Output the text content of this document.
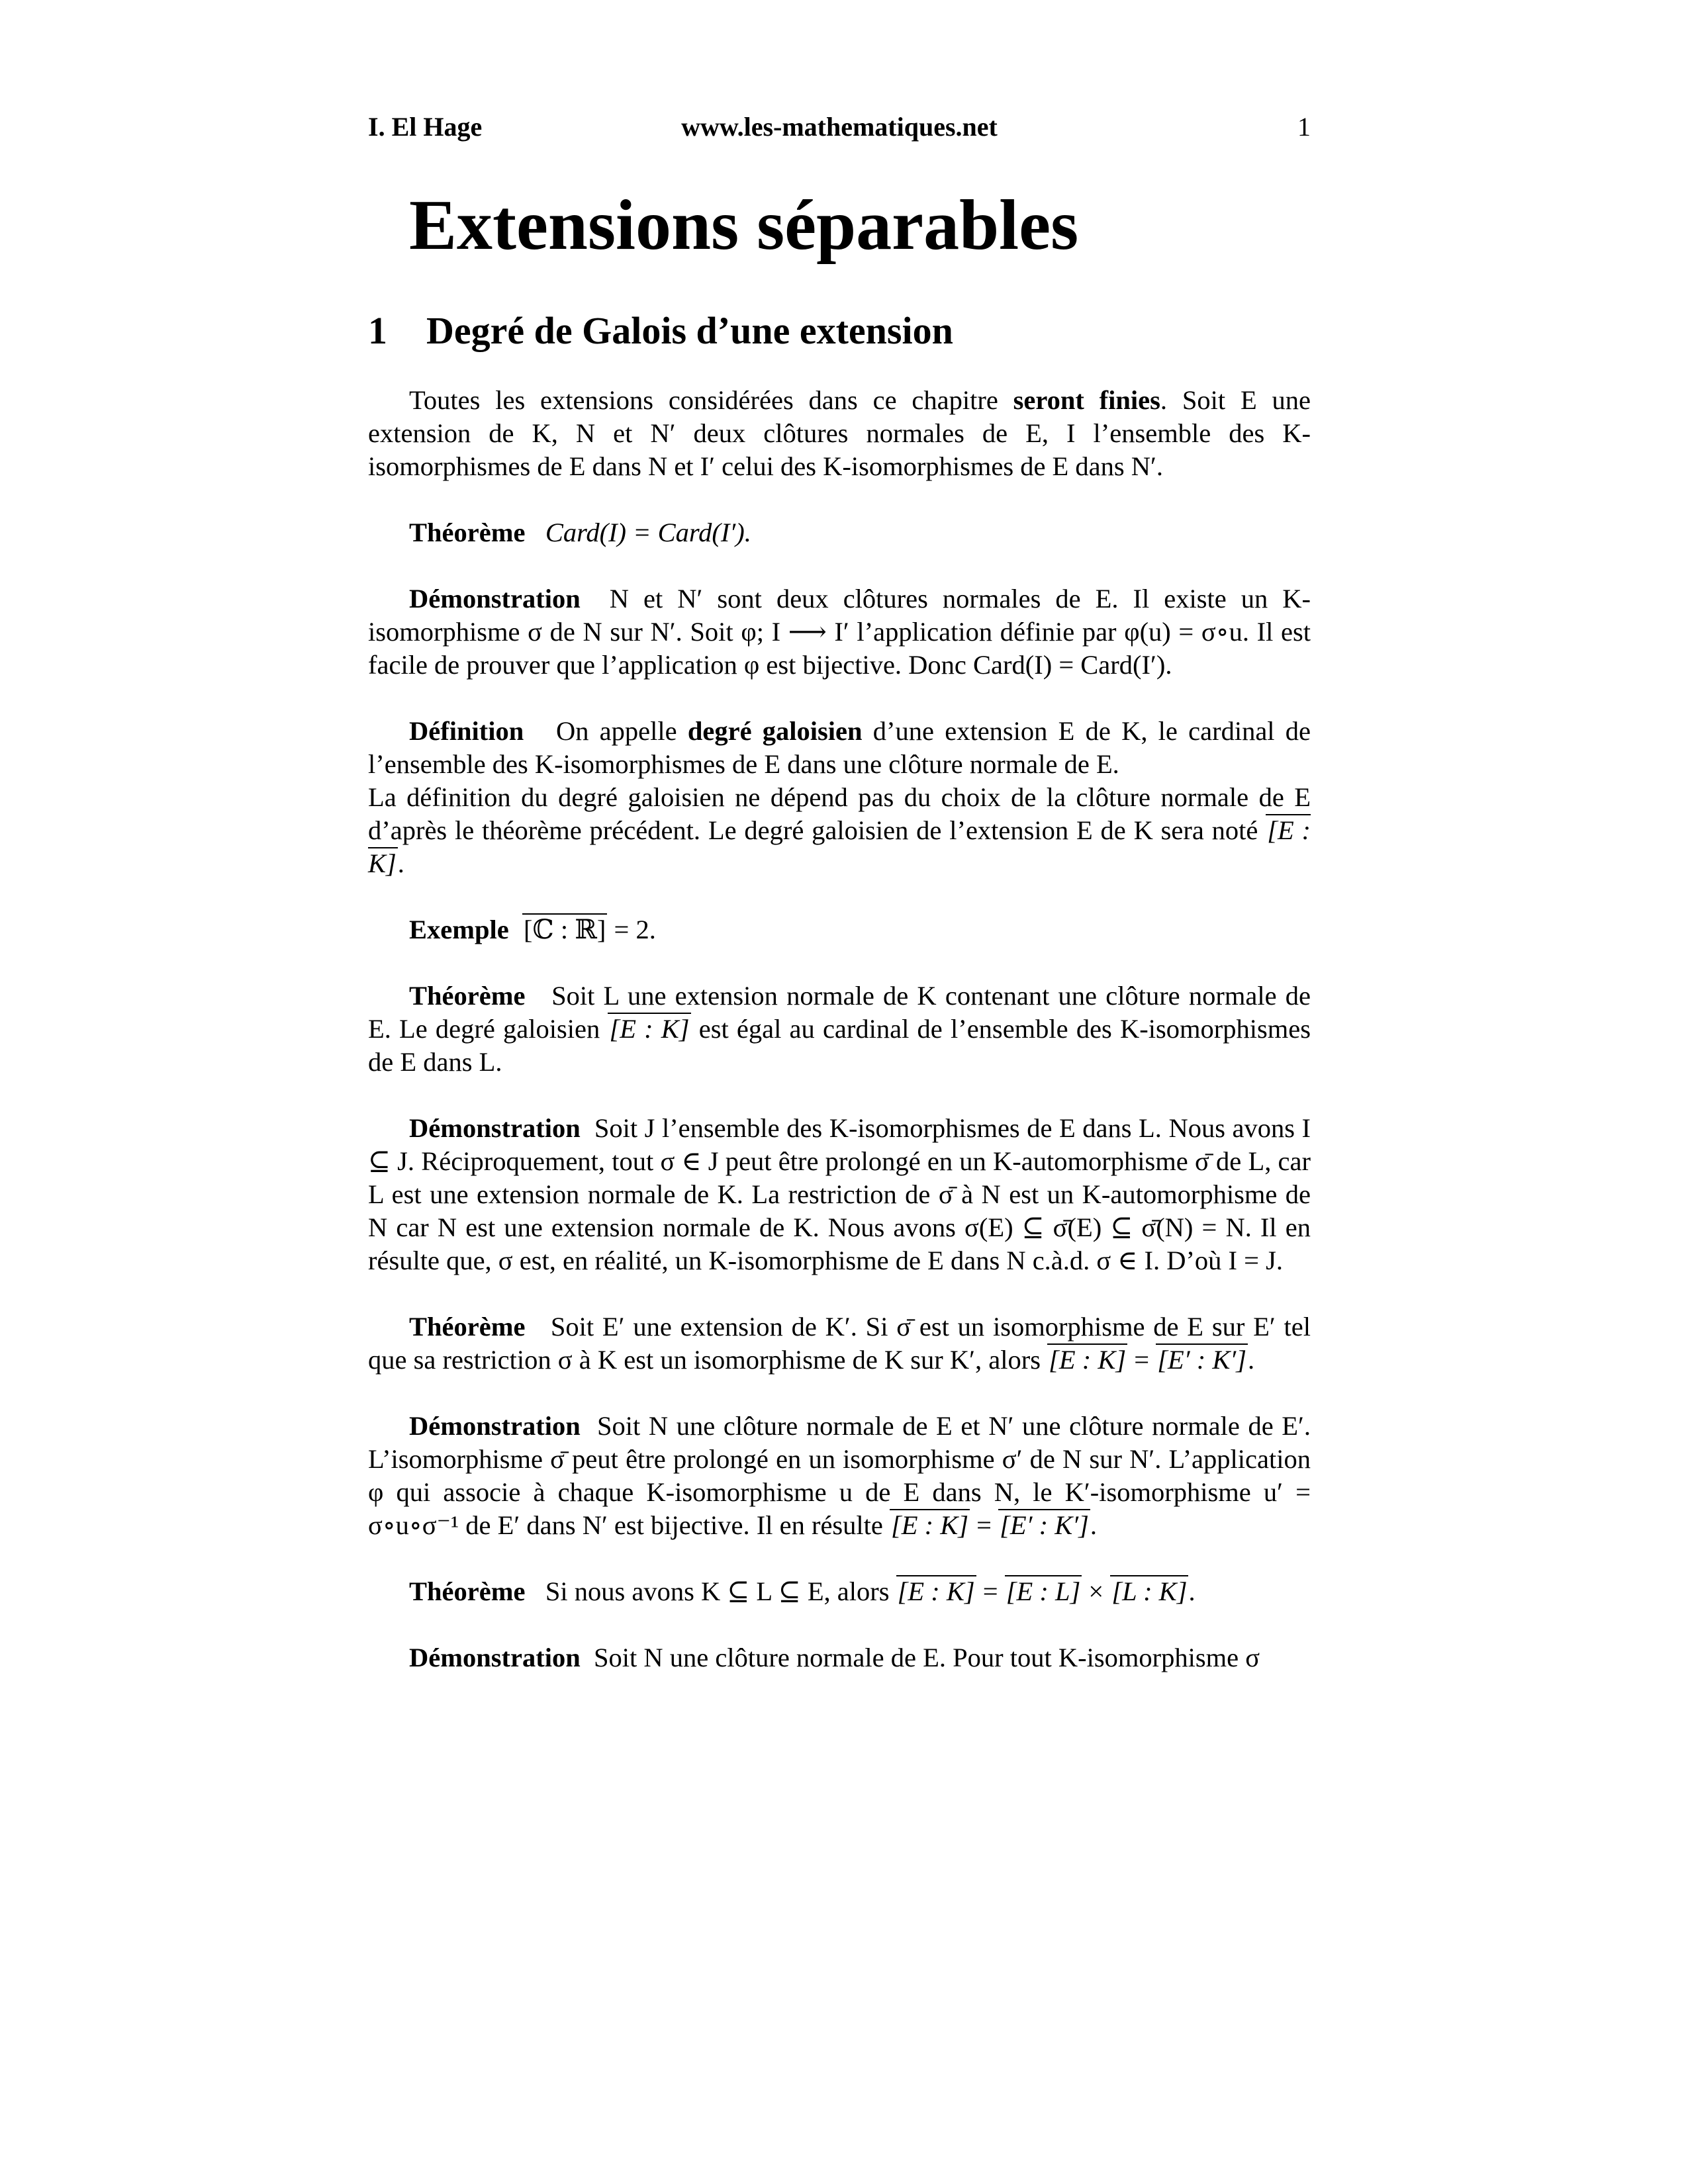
I. El Hage	www.les-mathematiques.net	1
Extensions séparables
1 Degré de Galois d’une extension

Toutes les extensions considérées dans ce chapitre seront finies. Soit E une extension de K, N et N′ deux clôtures normales de E, I l’ensemble des K-isomorphismes de E dans N et I′ celui des K-isomorphismes de E dans N′.

Théorème Card(I) = Card(I′).

Démonstration N et N′ sont deux clôtures normales de E. Il existe un K-isomorphisme σ de N sur N′. Soit φ; I ⟶ I′ l’application définie par φ(u) = σ∘u. Il est facile de prouver que l’application φ est bijective. Donc Card(I) = Card(I′).

Définition On appelle degré galoisien d’une extension E de K, le cardinal de l’ensemble des K-isomorphismes de E dans une clôture normale de E.

La définition du degré galoisien ne dépend pas du choix de la clôture normale de E d’après le théorème précédent. Le degré galoisien de l’extension E de K sera noté [E : K].

Exemple [ℂ : ℝ] = 2.

Théorème Soit L une extension normale de K contenant une clôture normale de E. Le degré galoisien [E : K] est égal au cardinal de l’ensemble des K-isomorphismes de E dans L.

Démonstration Soit J l’ensemble des K-isomorphismes de E dans L. Nous avons I ⊆ J. Réciproquement, tout σ ∈ J peut être prolongé en un K-automorphisme σ̄ de L, car L est une extension normale de K. La restriction de σ̄ à N est un K-automorphisme de N car N est une extension normale de K. Nous avons σ(E) ⊆ σ̄(E) ⊆ σ̄(N) = N. Il en résulte que, σ est, en réalité, un K-isomorphisme de E dans N c.à.d. σ ∈ I. D’où I = J.

Théorème Soit E′ une extension de K′. Si σ̄ est un isomorphisme de E sur E′ tel que sa restriction σ à K est un isomorphisme de K sur K′, alors [E : K] = [E′ : K′].

Démonstration Soit N une clôture normale de E et N′ une clôture normale de E′. L’isomorphisme σ̄ peut être prolongé en un isomorphisme σ′ de N sur N′. L’application φ qui associe à chaque K-isomorphisme u de E dans N, le K′-isomorphisme u′ = σ∘u∘σ⁻¹ de E′ dans N′ est bijective. Il en résulte [E : K] = [E′ : K′].

Théorème Si nous avons K ⊆ L ⊆ E, alors [E : K] = [E : L] × [L : K].

Démonstration Soit N une clôture normale de E. Pour tout K-isomorphisme σ
